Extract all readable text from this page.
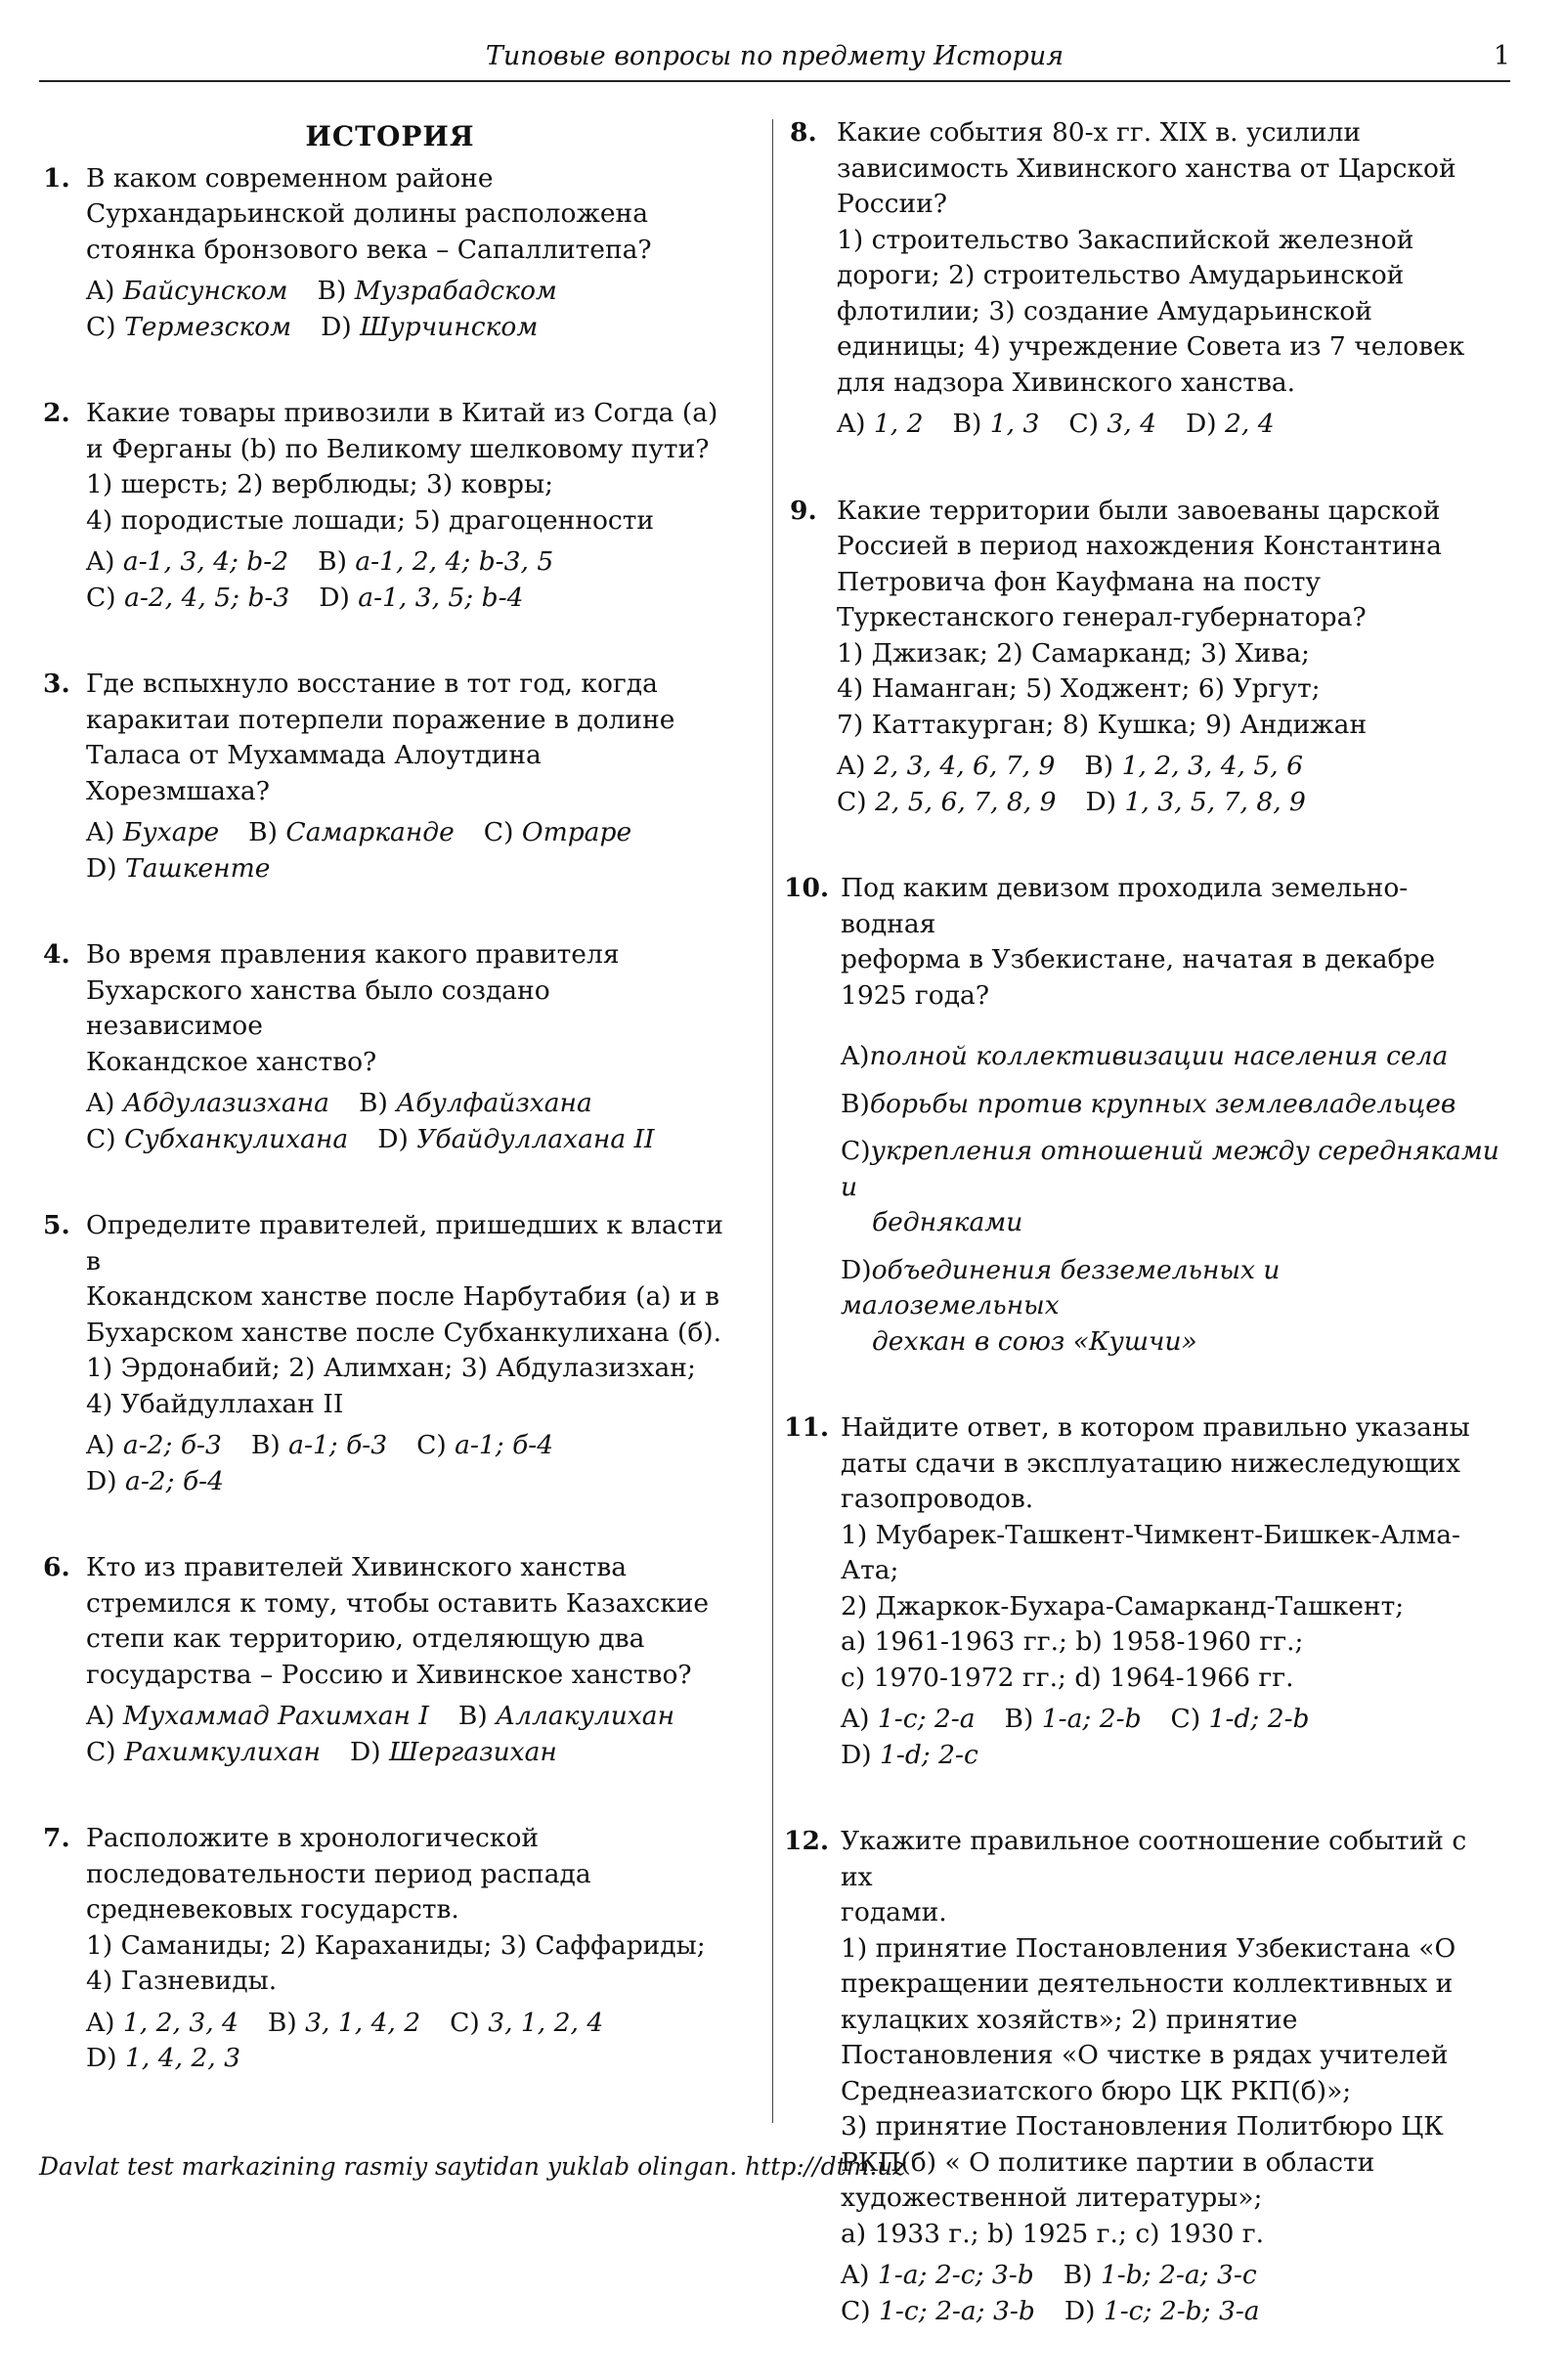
Типовые вопросы по предмету История	1
ИСТОРИЯ
1. В каком современном районе
Сурхандарьинской долины расположена
стоянка бронзового века – Сапаллитепа?
A) Байсунском B) Музрабадском
C) Термезском D) Шурчинском
2. Какие товары привозили в Китай из Согда (a)
и Ферганы (b) по Великому шелковому пути?
1) шерсть; 2) верблюды; 3) ковры;
4) породистые лошади; 5) драгоценности
A) a-1, 3, 4; b-2 B) a-1, 2, 4; b-3, 5
C) a-2, 4, 5; b-3 D) a-1, 3, 5; b-4
3. Где вспыхнуло восстание в тот год, когда
каракитаи потерпели поражение в долине
Таласа от Мухаммада Алоутдина Хорезмшаха?
A) Бухаре B) Самарканде C) Отраре
D) Ташкенте
4. Во время правления какого правителя
Бухарского ханства было создано независимое
Кокандское ханство?
A) Абдулазизхана B) Абулфайзхана
C) Субханкулихана D) Убайдуллахана II
5. Определите правителей, пришедших к власти в
Кокандском ханстве после Нарбутабия (а) и в
Бухарском ханстве после Субханкулихана (б).
1) Эрдонабий; 2) Алимхан; 3) Абдулазизхан;
4) Убайдуллахан II
A) а-2; б-3 B) а-1; б-3 C) а-1; б-4
D) а-2; б-4
6. Кто из правителей Хивинского ханства
стремился к тому, чтобы оставить Казахские
степи как территорию, отделяющую два
государства – Россию и Хивинское ханство?
A) Мухаммад Рахимхан I B) Аллакулихан
C) Рахимкулихан D) Шергазихан
7. Расположите в хронологической
последовательности период распада
средневековых государств.
1) Саманиды; 2) Караханиды; 3) Саффариды;
4) Газневиды.
A) 1, 2, 3, 4 B) 3, 1, 4, 2 C) 3, 1, 2, 4
D) 1, 4, 2, 3
8. Какие события 80-х гг. XIX в. усилили
зависимость Хивинского ханства от Царской
России?
1) строительство Закаспийской железной
дороги; 2) строительство Амударьинской
флотилии; 3) создание Амударьинской
единицы; 4) учреждение Совета из 7 человек
для надзора Хивинского ханства.
A) 1, 2 B) 1, 3 C) 3, 4 D) 2, 4
9. Какие территории были завоеваны царской
Россией в период нахождения Константина
Петровича фон Кауфмана на посту
Туркестанского генерал-губернатора?
1) Джизак; 2) Самарканд; 3) Хива;
4) Наманган; 5) Ходжент; 6) Ургут;
7) Каттакурган; 8) Кушка; 9) Андижан
A) 2, 3, 4, 6, 7, 9 B) 1, 2, 3, 4, 5, 6
C) 2, 5, 6, 7, 8, 9 D) 1, 3, 5, 7, 8, 9
10. Под каким девизом проходила земельно-водная
реформа в Узбекистане, начатая в декабре
1925 года?
A)полной коллективизации населения села
B)борьбы против крупных землевладельцев
C)укрепления отношений между середняками и
бедняками
D)объединения безземельных и малоземельных
дехкан в союз «Кушчи»
11. Найдите ответ, в котором правильно указаны
даты сдачи в эксплуатацию нижеследующих
газопроводов.
1) Мубарек-Ташкент-Чимкент-Бишкек-Алма-
Ата;
2) Джаркок-Бухара-Самарканд-Ташкент;
a) 1961-1963 гг.; b) 1958-1960 гг.;
c) 1970-1972 гг.; d) 1964-1966 гг.
A) 1-c; 2-a B) 1-a; 2-b C) 1-d; 2-b
D) 1-d; 2-c
12. Укажите правильное соотношение событий с их
годами.
1) принятие Постановления Узбекистана «О
прекращении деятельности коллективных и
кулацких хозяйств»; 2) принятие
Постановления «О чистке в рядах учителей
Среднеазиатского бюро ЦК РКП(б)»;
3) принятие Постановления Политбюро ЦК
РКП(б) « О политике партии в области
художественной литературы»;
a) 1933 г.; b) 1925 г.; c) 1930 г.
A) 1-a; 2-c; 3-b B) 1-b; 2-a; 3-c
C) 1-c; 2-a; 3-b D) 1-c; 2-b; 3-a
Davlat test markazining rasmiy saytidan yuklab olingan. http://dtm.uz
